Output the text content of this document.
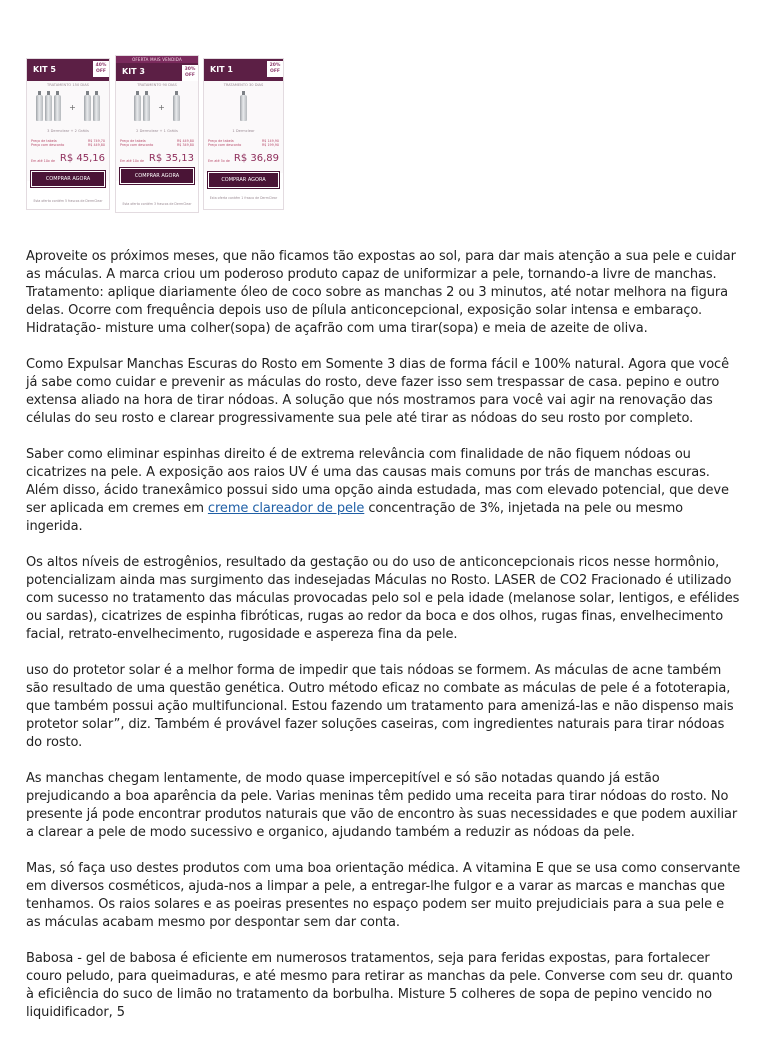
KIT 5	40% OFF
TRATAMENTO 150 DIAS
+
3 Dermclear + 2 Grátis
Preço de tabela	R$ 749,70
Preço com desconto	R$ 449,80
Em até 10x de R$ 45,16
COMPRAR AGORA
Esta oferta contém 5 frascos de DermClear
OFERTA MAIS VENDIDA
KIT 3	30% OFF
TRATAMENTO 90 DIAS
+
2 Dermclear + 1 Grátis
Preço de tabela	R$ 449,80
Preço com desconto	R$ 349,80
Em até 10x de R$ 35,13
COMPRAR AGORA
Esta oferta contém 3 frascos de DermClear
KIT 1	20% OFF
TRATAMENTO 30 DIAS
1 Dermclear
Preço de tabela	R$ 149,90
Preço com desconto	R$ 199,90
Em até 5x de R$ 36,89
COMPRAR AGORA
Esta oferta contém 1 frasco de DermClear

Aproveite os próximos meses, que não ficamos tão expostas ao sol, para dar mais atenção a sua pele e cuidar as máculas. A marca criou um poderoso produto capaz de uniformizar a pele, tornando-a livre de manchas. Tratamento: aplique diariamente óleo de coco sobre as manchas 2 ou 3 minutos, até notar melhora na figura delas. Ocorre com frequência depois uso de pílula anticoncepcional, exposição solar intensa e embaraço. Hidratação- misture uma colher(sopa) de açafrão com uma tirar(sopa) e meia de azeite de oliva.

Como Expulsar Manchas Escuras do Rosto em Somente 3 dias de forma fácil e 100% natural. Agora que você já sabe como cuidar e prevenir as máculas do rosto, deve fazer isso sem trespassar de casa. pepino e outro extensa aliado na hora de tirar nódoas. A solução que nós mostramos para você vai agir na renovação das células do seu rosto e clarear progressivamente sua pele até tirar as nódoas do seu rosto por completo.

Saber como eliminar espinhas direito é de extrema relevância com finalidade de não fiquem nódoas ou cicatrizes na pele. A exposição aos raios UV é uma das causas mais comuns por trás de manchas escuras. Além disso, ácido tranexâmico possui sido uma opção ainda estudada, mas com elevado potencial, que deve ser aplicada em cremes em creme clareador de pele concentração de 3%, injetada na pele ou mesmo ingerida.

Os altos níveis de estrogênios, resultado da gestação ou do uso de anticoncepcionais ricos nesse hormônio, potencializam ainda mas surgimento das indesejadas Máculas no Rosto. LASER de CO2 Fracionado é utilizado com sucesso no tratamento das máculas provocadas pelo sol e pela idade (melanose solar, lentigos, e efélides ou sardas), cicatrizes de espinha fibróticas, rugas ao redor da boca e dos olhos, rugas finas, envelhecimento facial, retrato-envelhecimento, rugosidade e aspereza fina da pele.

uso do protetor solar é a melhor forma de impedir que tais nódoas se formem. As máculas de acne também são resultado de uma questão genética. Outro método eficaz no combate as máculas de pele é a fototerapia, que também possui ação multifuncional. Estou fazendo um tratamento para amenizá-las e não dispenso mais protetor solar”, diz. Também é provável fazer soluções caseiras, com ingredientes naturais para tirar nódoas do rosto.

As manchas chegam lentamente, de modo quase impercepitível e só são notadas quando já estão prejudicando a boa aparência da pele. Varias meninas têm pedido uma receita para tirar nódoas do rosto. No presente já pode encontrar produtos naturais que vão de encontro às suas necessidades e que podem auxiliar a clarear a pele de modo sucessivo e organico, ajudando também a reduzir as nódoas da pele.

Mas, só faça uso destes produtos com uma boa orientação médica. A vitamina E que se usa como conservante em diversos cosméticos, ajuda-nos a limpar a pele, a entregar-lhe fulgor e a varar as marcas e manchas que tenhamos. Os raios solares e as poeiras presentes no espaço podem ser muito prejudiciais para a sua pele e as máculas acabam mesmo por despontar sem dar conta.

Babosa - gel de babosa é eficiente em numerosos tratamentos, seja para feridas expostas, para fortalecer couro peludo, para queimaduras, e até mesmo para retirar as manchas da pele. Converse com seu dr. quanto à eficiência do suco de limão no tratamento da borbulha. Misture 5 colheres de sopa de pepino vencido no liquidificador, 5
